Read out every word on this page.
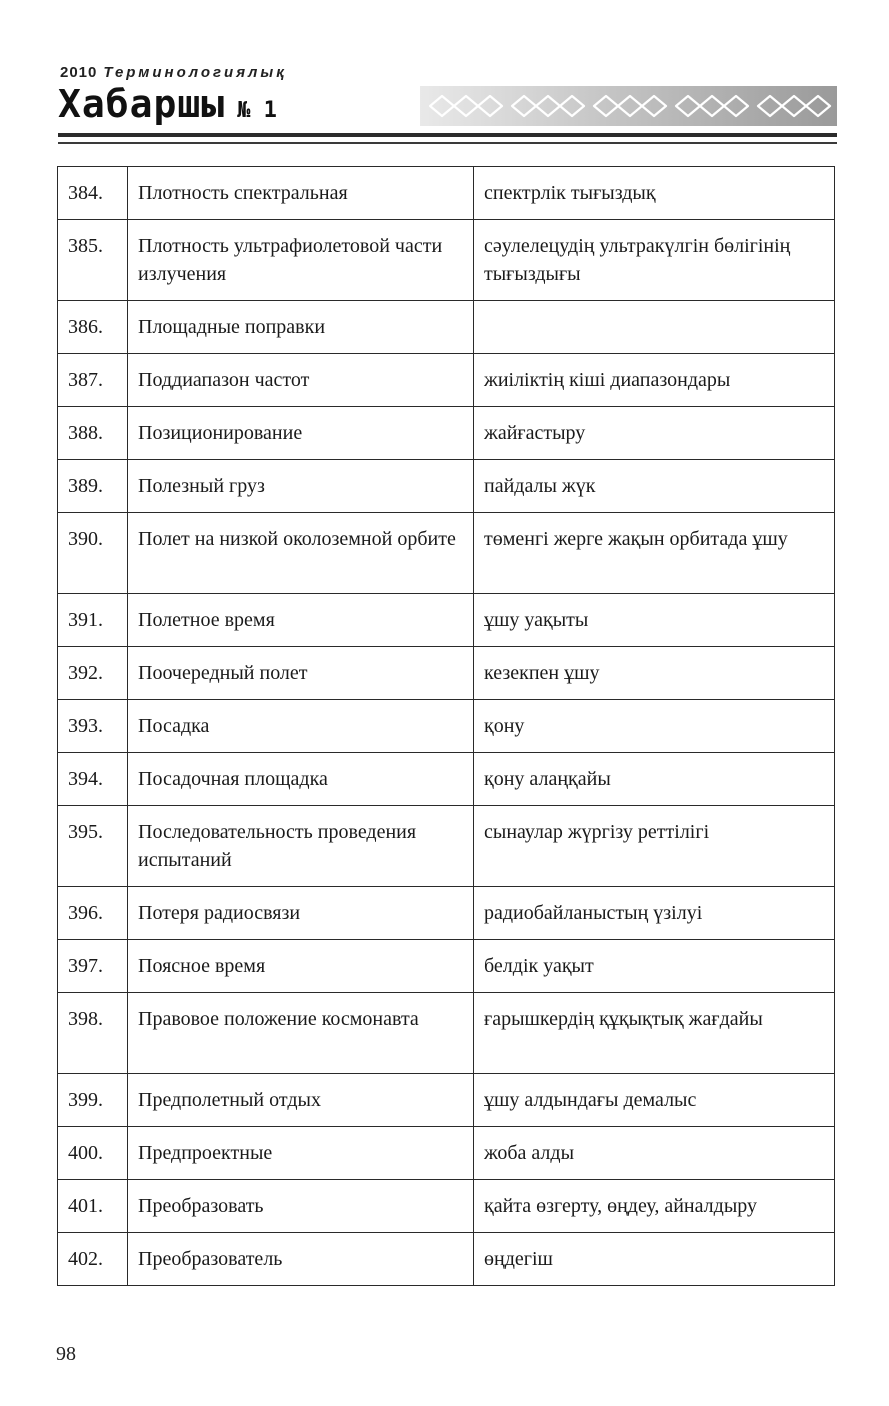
2010 Терминологиялық
Хабаршы № 1
384.	Плотность спектральная	спектрлік тығыздық
385.	Плотность ультрафиолетовой части излучения	сәулелецудің ультракүлгін бөлігінің тығыздығы
386.	Площадные поправки	
387.	Поддиапазон частот	жиіліктің кіші диапазондары
388.	Позиционирование	жайғастыру
389.	Полезный груз	пайдалы жүк
390.	Полет на низкой околоземной орбите	төменгі жерге жақын орбитада ұшу
391.	Полетное время	ұшу уақыты
392.	Поочередный полет	кезекпен ұшу
393.	Посадка	қону
394.	Посадочная площадка	қону алаңқайы
395.	Последовательность проведения испытаний	сынаулар жүргізу реттілігі
396.	Потеря радиосвязи	радиобайланыстың үзілуі
397.	Поясное время	белдік уақыт
398.	Правовое положение космонавта	ғарышкердің құқықтық жағдайы
399.	Предполетный отдых	ұшу алдындағы демалыс
400.	Предпроектные	жоба алды
401.	Преобразовать	қайта өзгерту, өңдеу, айналдыру
402.	Преобразователь	өңдегіш
98
